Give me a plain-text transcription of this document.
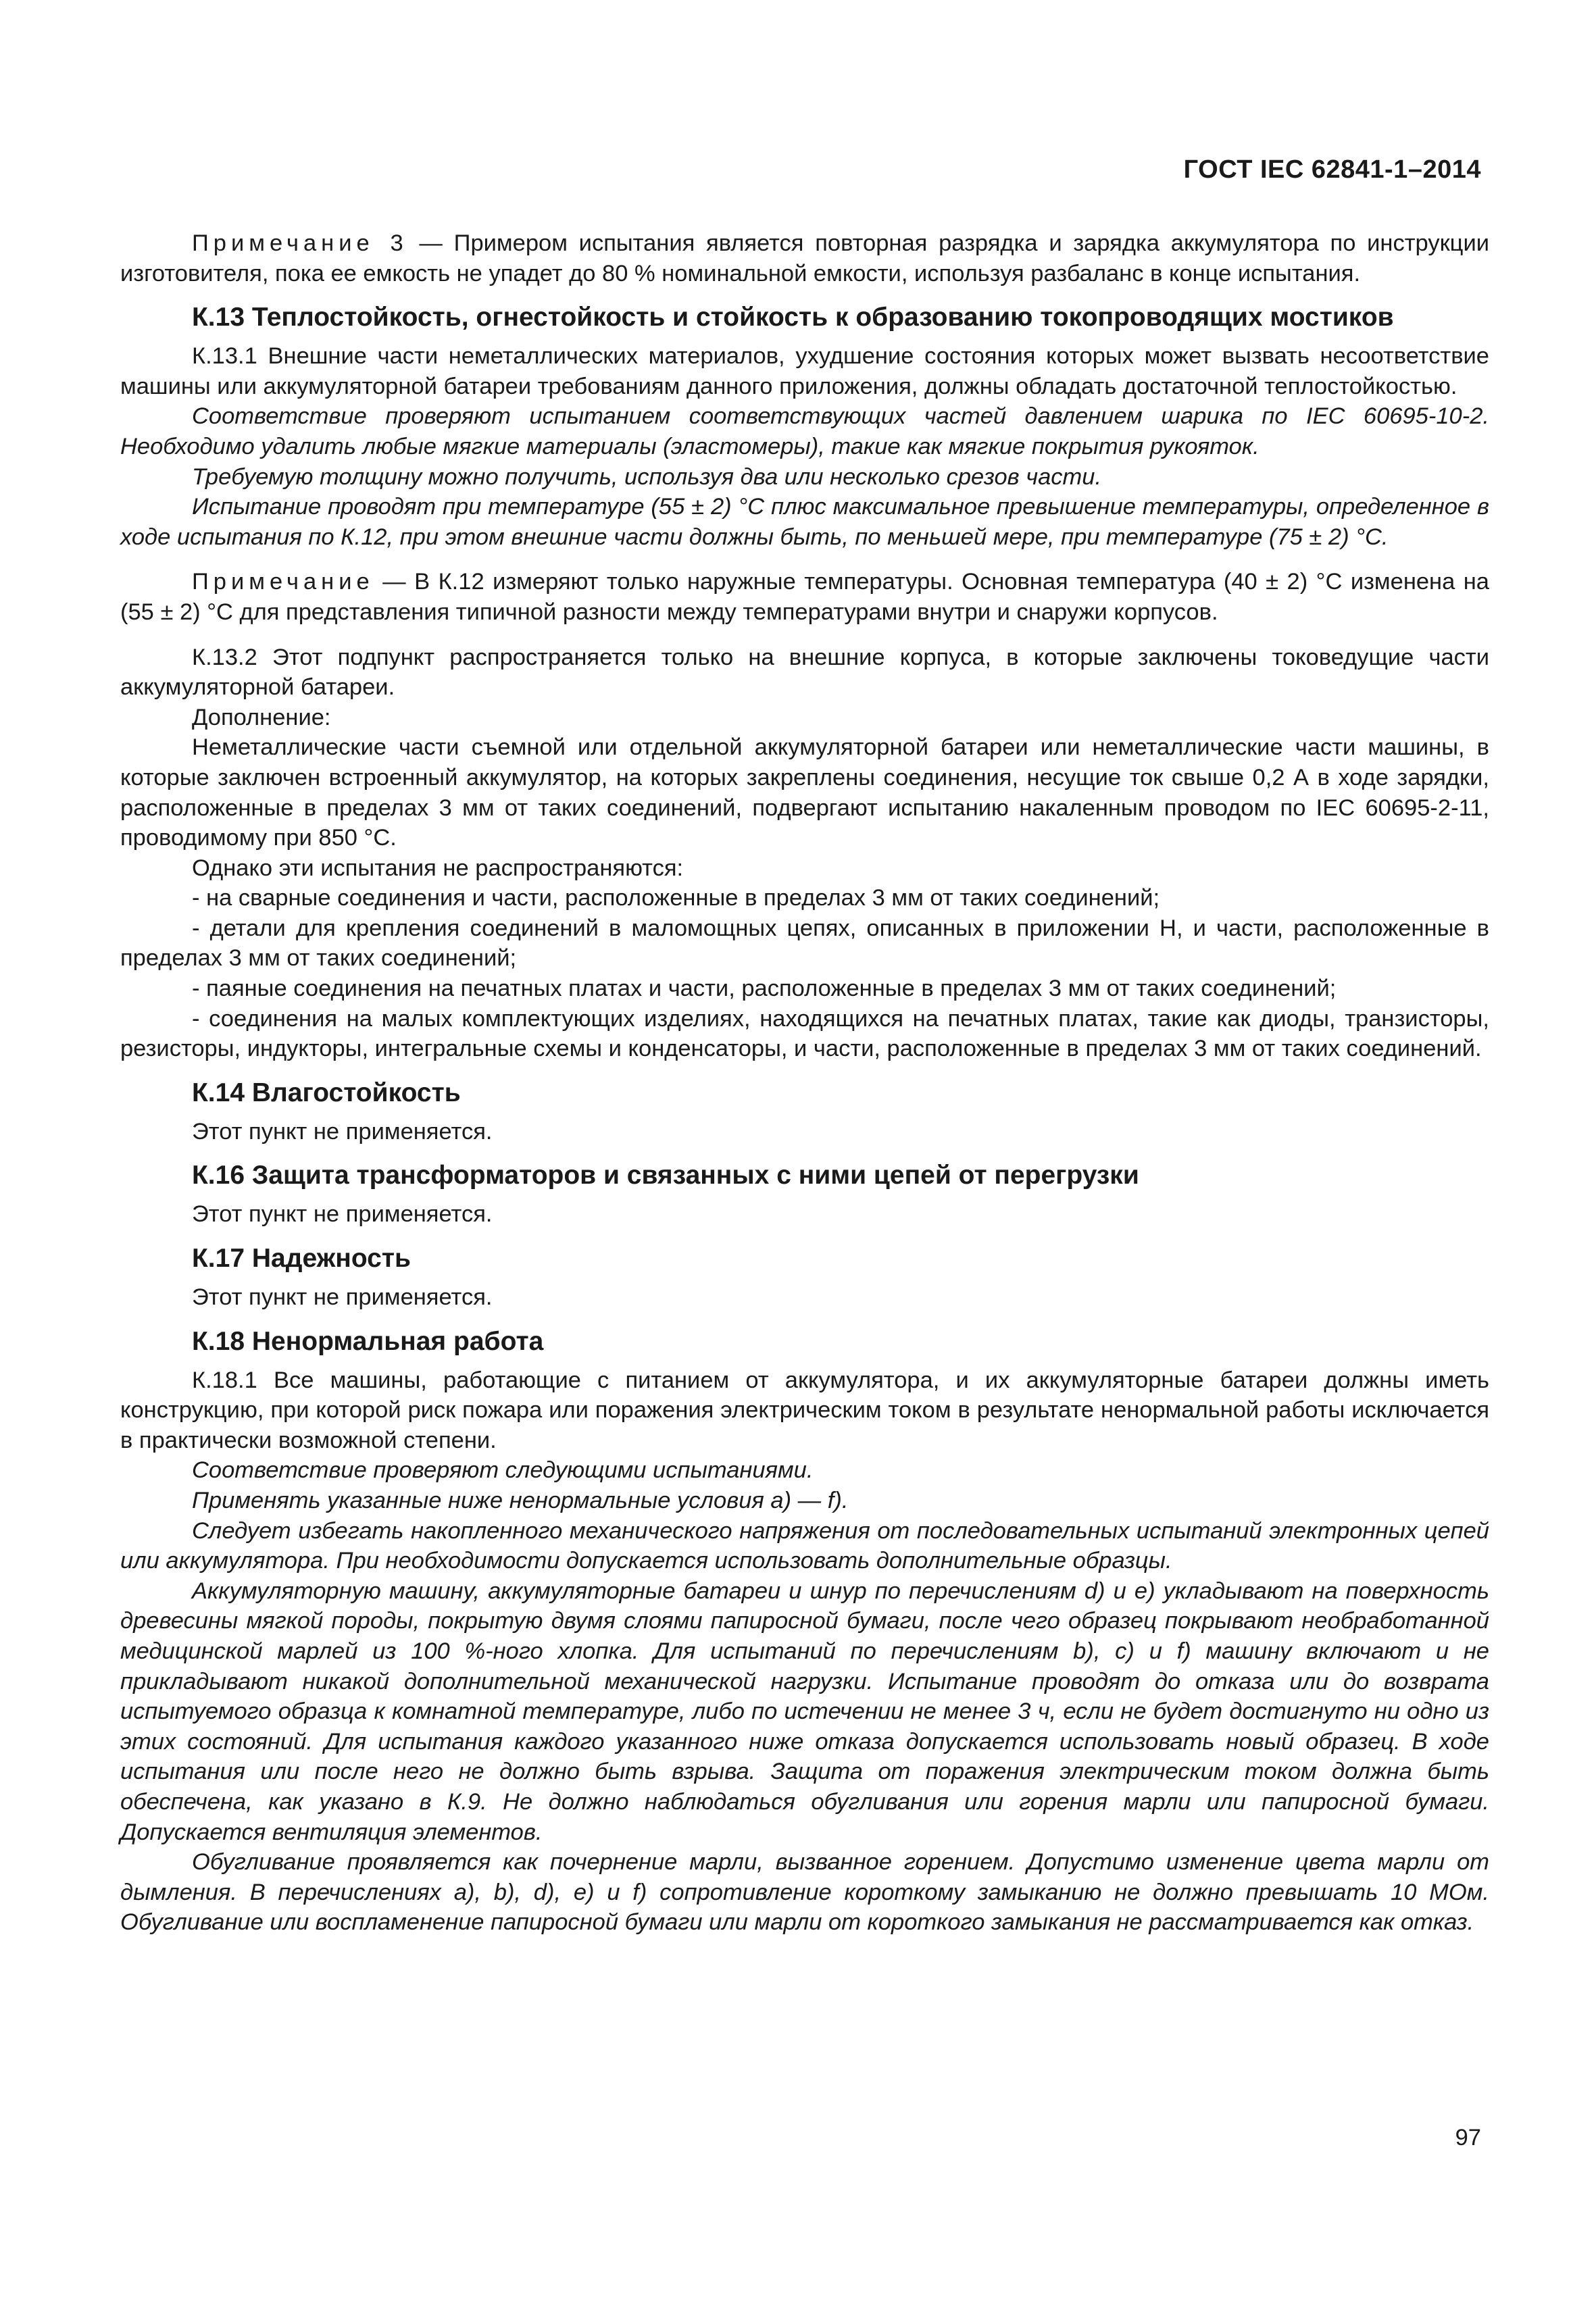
ГОСТ IEC 62841-1–2014

Примечание 3 — Примером испытания является повторная разрядка и зарядка аккумулятора по инструкции изготовителя, пока ее емкость не упадет до 80 % номинальной емкости, используя разбаланс в конце испытания.

К.13 Теплостойкость, огнестойкость и стойкость к образованию токопроводящих мостиков

К.13.1 Внешние части неметаллических материалов, ухудшение состояния которых может вызвать несоответствие машины или аккумуляторной батареи требованиям данного приложения, должны обладать достаточной теплостойкостью.

Соответствие проверяют испытанием соответствующих частей давлением шарика по IEC 60695-10-2. Необходимо удалить любые мягкие материалы (эластомеры), такие как мягкие покрытия рукояток.

Требуемую толщину можно получить, используя два или несколько срезов части.

Испытание проводят при температуре (55 ± 2) °С плюс максимальное превышение температуры, определенное в ходе испытания по К.12, при этом внешние части должны быть, по меньшей мере, при температуре (75 ± 2) °С.

Примечание — В К.12 измеряют только наружные температуры. Основная температура (40 ± 2) °С изменена на (55 ± 2) °С для представления типичной разности между температурами внутри и снаружи корпусов.

К.13.2 Этот подпункт распространяется только на внешние корпуса, в которые заключены токоведущие части аккумуляторной батареи.

Дополнение:

Неметаллические части съемной или отдельной аккумуляторной батареи или неметаллические части машины, в которые заключен встроенный аккумулятор, на которых закреплены соединения, несущие ток свыше 0,2 А в ходе зарядки, расположенные в пределах 3 мм от таких соединений, подвергают испытанию накаленным проводом по IEC 60695-2-11, проводимому при 850 °С.

Однако эти испытания не распространяются:

- на сварные соединения и части, расположенные в пределах 3 мм от таких соединений;

- детали для крепления соединений в маломощных цепях, описанных в приложении Н, и части, расположенные в пределах 3 мм от таких соединений;

- паяные соединения на печатных платах и части, расположенные в пределах 3 мм от таких соединений;

- соединения на малых комплектующих изделиях, находящихся на печатных платах, такие как диоды, транзисторы, резисторы, индукторы, интегральные схемы и конденсаторы, и части, расположенные в пределах 3 мм от таких соединений.

К.14 Влагостойкость

Этот пункт не применяется.

К.16 Защита трансформаторов и связанных с ними цепей от перегрузки

Этот пункт не применяется.

К.17 Надежность

Этот пункт не применяется.

К.18 Ненормальная работа

К.18.1 Все машины, работающие с питанием от аккумулятора, и их аккумуляторные батареи должны иметь конструкцию, при которой риск пожара или поражения электрическим током в результате ненормальной работы исключается в практически возможной степени.

Соответствие проверяют следующими испытаниями.

Применять указанные ниже ненормальные условия а) — f).

Следует избегать накопленного механического напряжения от последовательных испытаний электронных цепей или аккумулятора. При необходимости допускается использовать дополнительные образцы.

Аккумуляторную машину, аккумуляторные батареи и шнур по перечислениям d) и е) укладывают на поверхность древесины мягкой породы, покрытую двумя слоями папиросной бумаги, после чего образец покрывают необработанной медицинской марлей из 100 %-ного хлопка. Для испытаний по перечислениям b), с) и f) машину включают и не прикладывают никакой дополнительной механической нагрузки. Испытание проводят до отказа или до возврата испытуемого образца к комнатной температуре, либо по истечении не менее 3 ч, если не будет достигнуто ни одно из этих состояний. Для испытания каждого указанного ниже отказа допускается использовать новый образец. В ходе испытания или после него не должно быть взрыва. Защита от поражения электрическим током должна быть обеспечена, как указано в К.9. Не должно наблюдаться обугливания или горения марли или папиросной бумаги. Допускается вентиляция элементов.

Обугливание проявляется как почернение марли, вызванное горением. Допустимо изменение цвета марли от дымления. В перечислениях а), b), d), е) и f) сопротивление короткому замыканию не должно превышать 10 МОм. Обугливание или воспламенение папиросной бумаги или марли от короткого замыкания не рассматривается как отказ.

97
